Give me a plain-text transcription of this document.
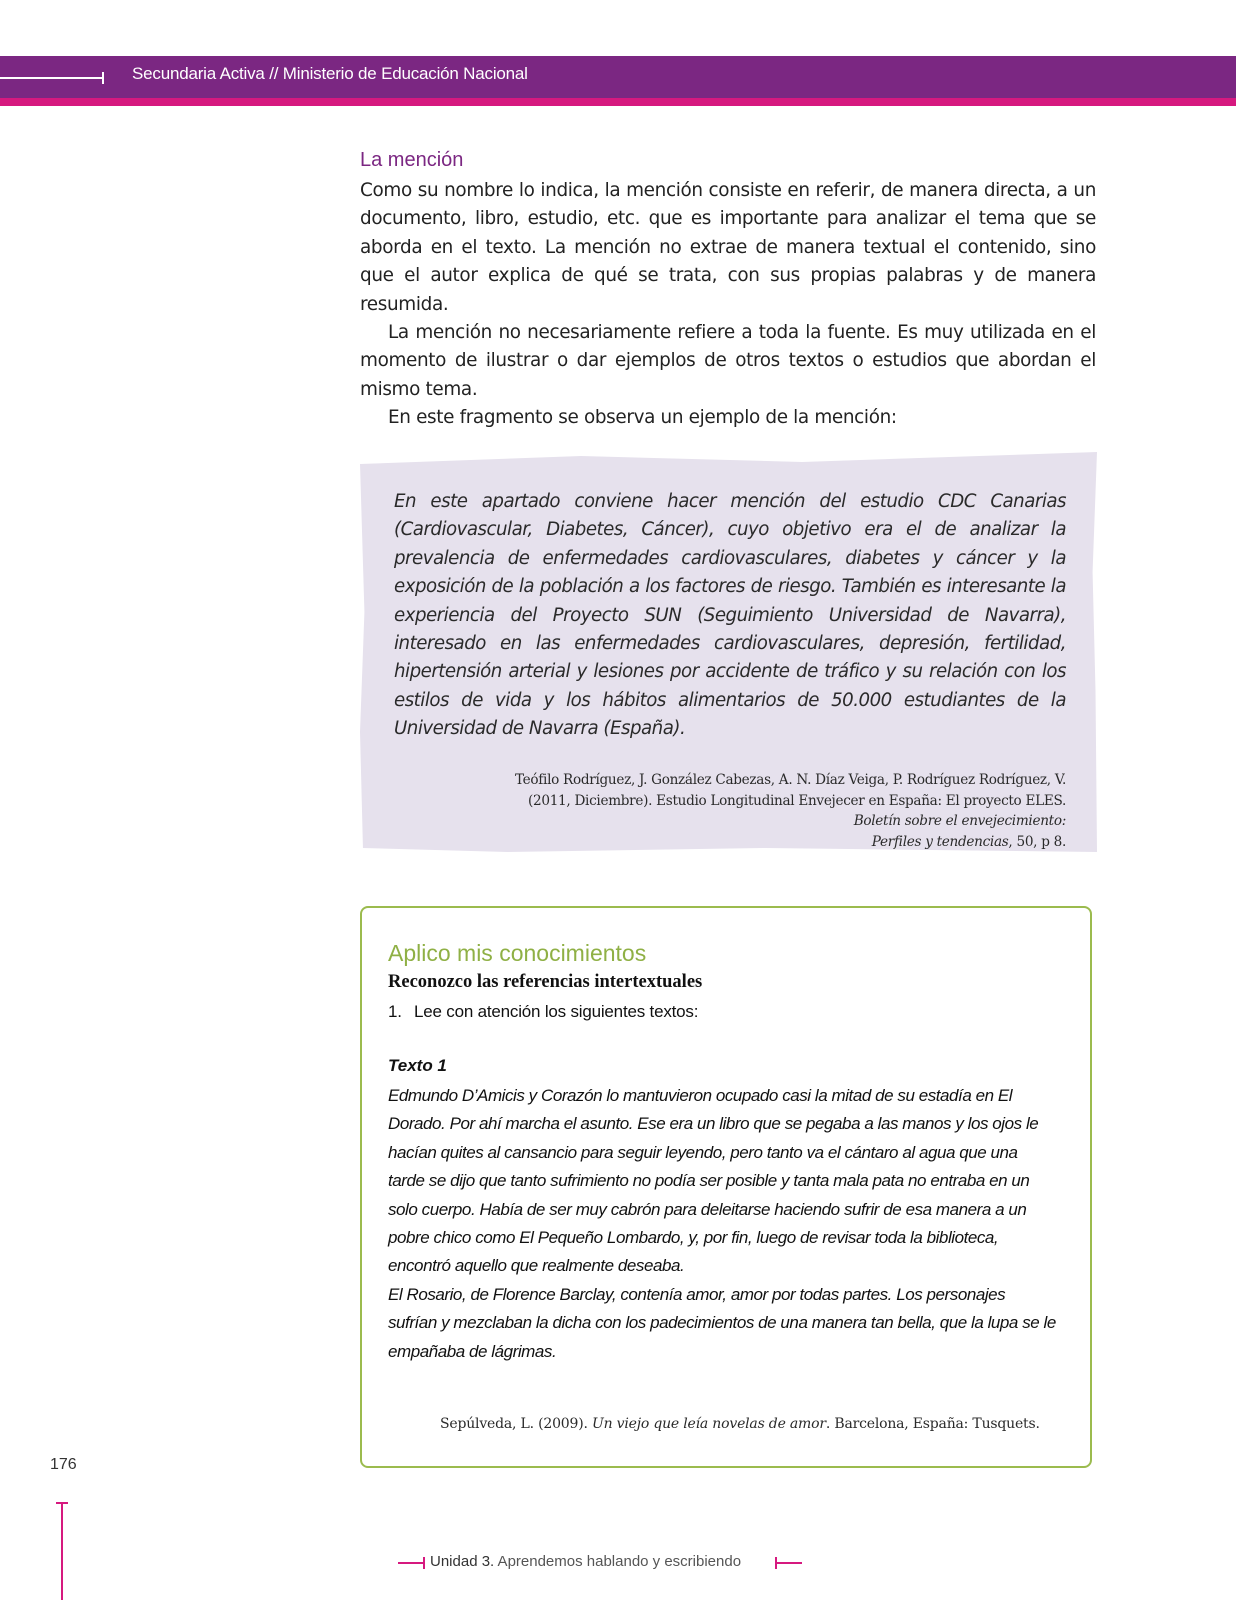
Secundaria Activa // Ministerio de Educación Nacional
La mención

Como su nombre lo indica, la mención consiste en referir, de manera directa, a un documento, libro, estudio, etc. que es importante para analizar el tema que se aborda en el texto. La mención no extrae de manera textual el contenido, sino que el autor explica de qué se trata, con sus propias palabras y de manera resumida.

La mención no necesariamente refiere a toda la fuente. Es muy utilizada en el momento de ilustrar o dar ejemplos de otros textos o estudios que abordan el mismo tema.

En este fragmento se observa un ejemplo de la mención:

En este apartado conviene hacer mención del estudio CDC Canarias (Cardiovascular, Diabetes, Cáncer), cuyo objetivo era el de analizar la prevalencia de enfermedades cardiovasculares, diabetes y cáncer y la exposición de la población a los factores de riesgo. También es interesante la experiencia del Proyecto SUN (Seguimiento Universidad de Navarra), interesado en las enfermedades cardiovasculares, depresión, fertilidad, hipertensión arterial y lesiones por accidente de tráfico y su relación con los estilos de vida y los hábitos alimentarios de 50.000 estudiantes de la Universidad de Navarra (España).
Teófilo Rodríguez, J. González Cabezas, A. N. Díaz Veiga, P. Rodríguez Rodríguez, V.
(2011, Diciembre). Estudio Longitudinal Envejecer en España: El proyecto ELES.
Boletín sobre el envejecimiento:
Perfiles y tendencias, 50, p 8.
Aplico mis conocimientos
Reconozco las referencias intertextuales
1. Lee con atención los siguientes textos:
Texto 1

Edmundo D’Amicis y Corazón lo mantuvieron ocupado casi la mitad de su estadía en El Dorado. Por ahí marcha el asunto. Ese era un libro que se pegaba a las manos y los ojos le hacían quites al cansancio para seguir leyendo, pero tanto va el cántaro al agua que una tarde se dijo que tanto sufrimiento no podía ser posible y tanta mala pata no entraba en un solo cuerpo. Había de ser muy cabrón para deleitarse haciendo sufrir de esa manera a un pobre chico como El Pequeño Lombardo, y, por fin, luego de revisar toda la biblioteca, encontró aquello que realmente deseaba.

El Rosario, de Florence Barclay, contenía amor, amor por todas partes. Los personajes sufrían y mezclaban la dicha con los padecimientos de una manera tan bella, que la lupa se le empañaba de lágrimas.

Sepúlveda, L. (2009). Un viejo que leía novelas de amor. Barcelona, España: Tusquets.
176
Unidad 3. Aprendemos hablando y escribiendo
